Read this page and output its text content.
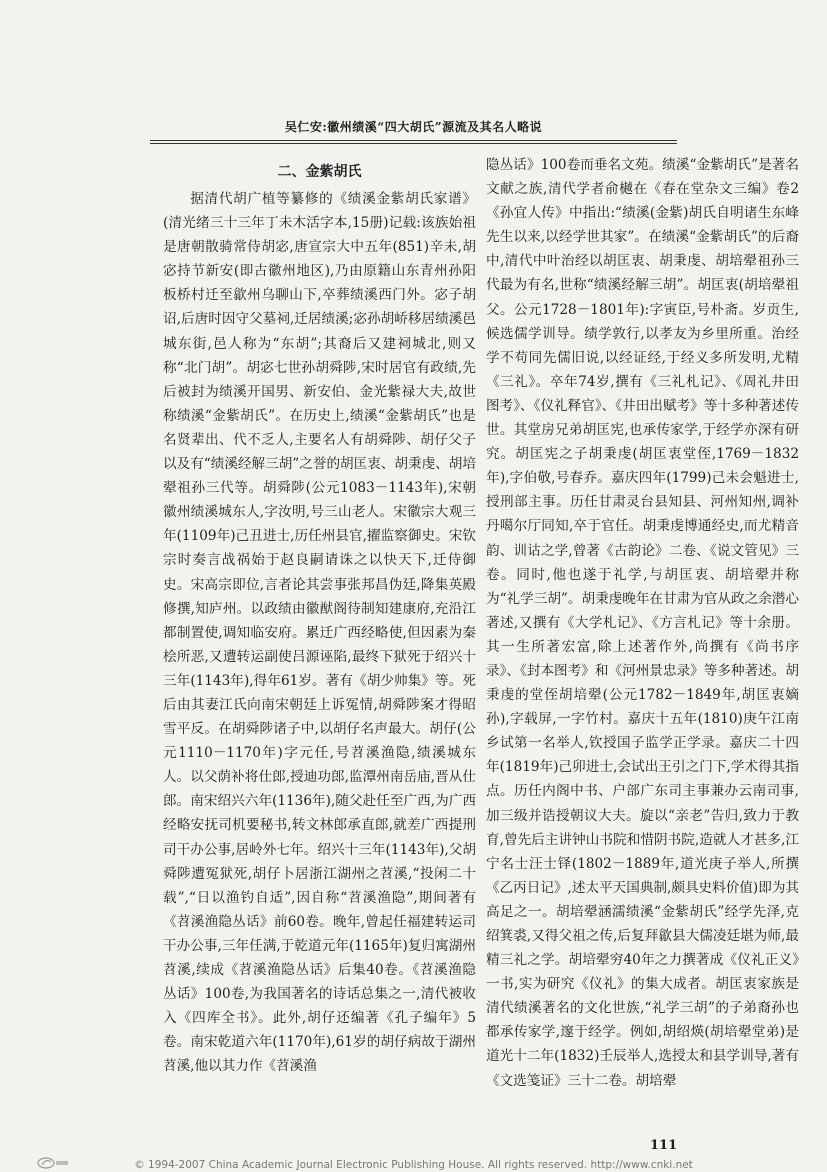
吴仁安:徽州绩溪“四大胡氏”源流及其名人略说
二、金紫胡氏

据清代胡广植等纂修的《绩溪金紫胡氏家谱》(清光绪三十三年丁未木活字本,15册)记载:该族始祖是唐朝散骑常侍胡宓,唐宣宗大中五年(851)辛未,胡宓持节新安(即古徽州地区),乃由原籍山东青州孙阳板桥村迁至歙州乌聊山下,卒葬绩溪西门外。宓子胡诏,后唐时因守父墓祠,迁居绩溪;宓孙胡峤移居绩溪邑城东街,邑人称为“东胡”;其裔后又建祠城北,则又称“北门胡”。胡宓七世孙胡舜陟,宋时居官有政绩,先后被封为绩溪开国男、新安伯、金光紫禄大夫,故世称绩溪“金紫胡氏”。在历史上,绩溪“金紫胡氏”也是名贤辈出、代不乏人,主要名人有胡舜陟、胡仔父子以及有“绩溪经解三胡”之誉的胡匡衷、胡秉虔、胡培翚祖孙三代等。胡舜陟(公元1083－1143年),宋朝徽州绩溪城东人,字汝明,号三山老人。宋徽宗大观三年(1109年)己丑进士,历任州县官,擢监察御史。宋钦宗时奏言战祸始于赵良嗣请诛之以快天下,迁侍御史。宋高宗即位,言者论其尝事张邦昌伪廷,降集英殿修撰,知庐州。以政绩由徽猷阁待制知建康府,充沿江都制置使,调知临安府。累迁广西经略使,但因素为秦桧所恶,又遭转运副使吕源诬陷,最终下狱死于绍兴十三年(1143年),得年61岁。著有《胡少帅集》等。死后由其妻江氏向南宋朝廷上诉冤情,胡舜陟案才得昭雪平反。在胡舜陟诸子中,以胡仔名声最大。胡仔(公元1110－1170年)字元任,号苕溪渔隐,绩溪城东人。以父荫补将仕郎,授迪功郎,监潭州南岳庙,晋从仕郎。南宋绍兴六年(1136年),随父赴任至广西,为广西经略安抚司机要秘书,转文林郎承直郎,就差广西提刑司干办公事,居岭外七年。绍兴十三年(1143年),父胡舜陟遭冤狱死,胡仔卜居浙江湖州之苕溪,“投闲二十载”,“日以渔钓自适”,因自称“苕溪渔隐”,期间著有《苕溪渔隐丛话》前60卷。晚年,曾起任福建转运司干办公事,三年任满,于乾道元年(1165年)复归寓湖州苕溪,续成《苕溪渔隐丛话》后集40卷。《苕溪渔隐丛话》100卷,为我国著名的诗话总集之一,清代被收入《四库全书》。此外,胡仔还编著《孔子编年》5卷。南宋乾道六年(1170年),61岁的胡仔病故于湖州苕溪,他以其力作《苕溪渔

隐丛话》100卷而垂名文苑。绩溪“金紫胡氏”是著名文献之族,清代学者俞樾在《春在堂杂文三编》卷2《孙宜人传》中指出:“绩溪(金紫)胡氏自明诸生东峰先生以来,以经学世其家”。在绩溪“金紫胡氏”的后裔中,清代中叶治经以胡匡衷、胡秉虔、胡培翚祖孙三代最为有名,世称“绩溪经解三胡”。胡匡衷(胡培翚祖父。公元1728－1801年):字寅臣,号朴斋。岁贡生,候选儒学训导。绩学敦行,以孝友为乡里所重。治经学不苟同先儒旧说,以经证经,于经义多所发明,尤精《三礼》。卒年74岁,撰有《三礼札记》、《周礼井田图考》、《仪礼释官》、《井田出赋考》等十多种著述传世。其堂房兄弟胡匡宪,也承传家学,于经学亦深有研究。胡匡宪之子胡秉虔(胡匡衷堂侄,1769－1832年),字伯敬,号春乔。嘉庆四年(1799)己未会魁进士,授刑部主事。历任甘肃灵台县知县、河州知州,调补丹噶尔厅同知,卒于官任。胡秉虔博通经史,而尤精音韵、训诂之学,曾著《古韵论》二卷、《说文管见》三卷。同时,他也遂于礼学,与胡匡衷、胡培翚并称为“礼学三胡”。胡秉虔晚年在甘肃为官从政之余潜心著述,又撰有《大学札记》、《方言札记》等十余册。其一生所著宏富,除上述著作外,尚撰有《尚书序录》、《封本图考》和《河州景忠录》等多种著述。胡秉虔的堂侄胡培翚(公元1782－1849年,胡匡衷嫡孙),字载屏,一字竹村。嘉庆十五年(1810)庚午江南乡试第一名举人,钦授国子监学正学录。嘉庆二十四年(1819年)己卯进士,会试出王引之门下,学术得其指点。历任内阁中书、户部广东司主事兼办云南司事,加三级并诰授朝议大夫。旋以“亲老”告归,致力于教育,曾先后主讲钟山书院和惜阴书院,造就人才甚多,江宁名士汪士铎(1802－1889年,道光庚子举人,所撰《乙丙日记》,述太平天国典制,颇具史料价值)即为其高足之一。胡培翚涵濡绩溪“金紫胡氏”经学先泽,克绍箕裘,又得父祖之传,后复拜歙县大儒凌廷堪为师,最精三礼之学。胡培翚穷40年之力撰著成《仪礼正义》一书,实为研究《仪礼》的集大成者。胡匡衷家族是清代绩溪著名的文化世族,“礼学三胡”的子弟裔孙也都承传家学,邃于经学。例如,胡绍煐(胡培翚堂弟)是道光十二年(1832)壬辰举人,选授太和县学训导,著有《文选笺证》三十二卷。胡培翚

111
© 1994-2007 China Academic Journal Electronic Publishing House. All rights reserved. http://www.cnki.net
